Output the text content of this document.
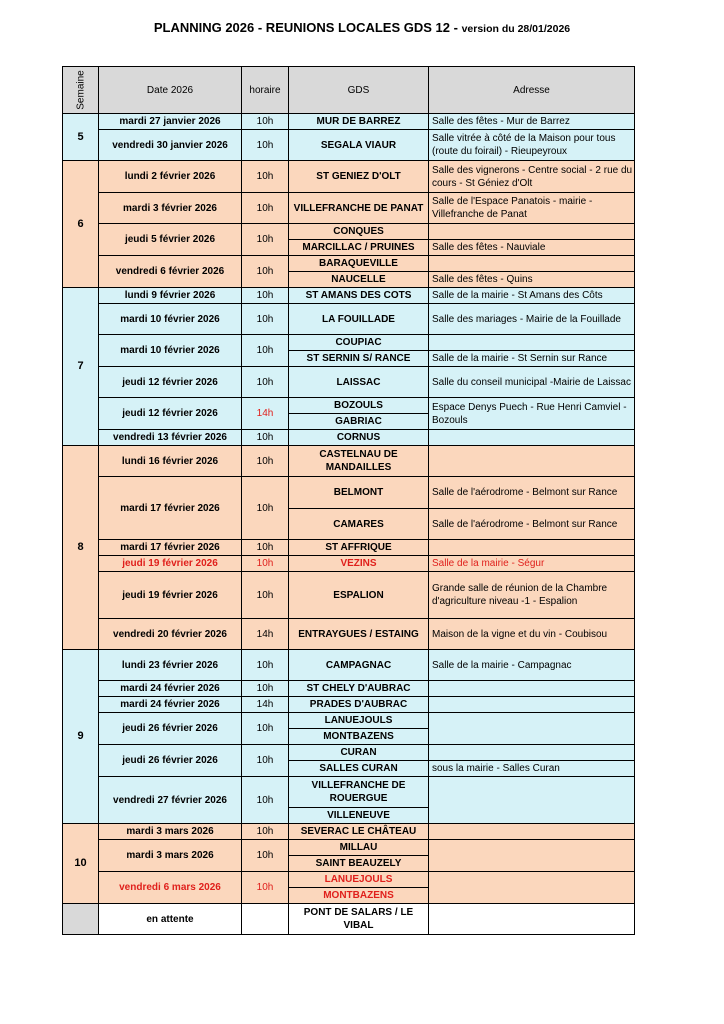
PLANNING 2026 - REUNIONS LOCALES GDS 12 - version du 28/01/2026
Semaine	Date 2026	horaire	GDS	Adresse
5	mardi 27 janvier 2026	10h	MUR DE BARREZ	Salle des fêtes - Mur de Barrez
	vendredi 30 janvier 2026	10h	SEGALA VIAUR	Salle vitrée à côté de la Maison pour tous (route du foirail) - Rieupeyroux
6	lundi 2 février 2026	10h	ST GENIEZ D'OLT	Salle des vignerons - Centre social - 2 rue du cours - St Géniez d'Olt
	mardi 3 février 2026	10h	VILLEFRANCHE DE PANAT	Salle de l'Espace Panatois - mairie - Villefranche de Panat
	jeudi 5 février 2026	10h	CONQUES	
			MARCILLAC / PRUINES	Salle des fêtes - Nauviale
	vendredi 6 février 2026	10h	BARAQUEVILLE	
			NAUCELLE	Salle des fêtes - Quins
7	lundi 9 février 2026	10h	ST AMANS DES COTS	Salle de la mairie - St Amans des Côts
	mardi 10 février 2026	10h	LA FOUILLADE	Salle des mariages - Mairie de la Fouillade
	mardi 10 février 2026	10h	COUPIAC	
			ST SERNIN S/ RANCE	Salle de la mairie - St Sernin sur Rance
	jeudi 12 février 2026	10h	LAISSAC	Salle du conseil municipal -Mairie de Laissac
	jeudi 12 février 2026	14h	BOZOULS	Espace Denys Puech - Rue Henri Camviel - Bozouls
			GABRIAC	
	vendredi 13 février 2026	10h	CORNUS	
8	lundi 16 février 2026	10h	CASTELNAU DE MANDAILLES	
	mardi 17 février 2026	10h	BELMONT	Salle de l'aérodrome - Belmont sur Rance
			CAMARES	Salle de l'aérodrome - Belmont sur Rance
	mardi 17 février 2026	10h	ST AFFRIQUE	
	jeudi 19 février 2026	10h	VEZINS	Salle de la mairie - Ségur
	jeudi 19 février 2026	10h	ESPALION	Grande salle de réunion de la Chambre d'agriculture niveau -1 - Espalion
	vendredi 20 février 2026	14h	ENTRAYGUES / ESTAING	Maison de la vigne et du vin - Coubisou
9	lundi 23 février 2026	10h	CAMPAGNAC	Salle de la mairie - Campagnac
	mardi 24 février 2026	10h	ST CHELY D'AUBRAC	
	mardi 24 février 2026	14h	PRADES D'AUBRAC	
	jeudi 26 février 2026	10h	LANUEJOULS	
			MONTBAZENS	
	jeudi 26 février 2026	10h	CURAN	
			SALLES CURAN	sous la mairie - Salles Curan
	vendredi 27 février 2026	10h	VILLEFRANCHE DE ROUERGUE	
			VILLENEUVE	
10	mardi 3 mars 2026	10h	SEVERAC LE CHÂTEAU	
	mardi 3 mars 2026	10h	MILLAU	
			SAINT BEAUZELY	
	vendredi 6 mars 2026	10h	LANUEJOULS	
			MONTBAZENS	
	en attente		PONT DE SALARS / LE VIBAL	
